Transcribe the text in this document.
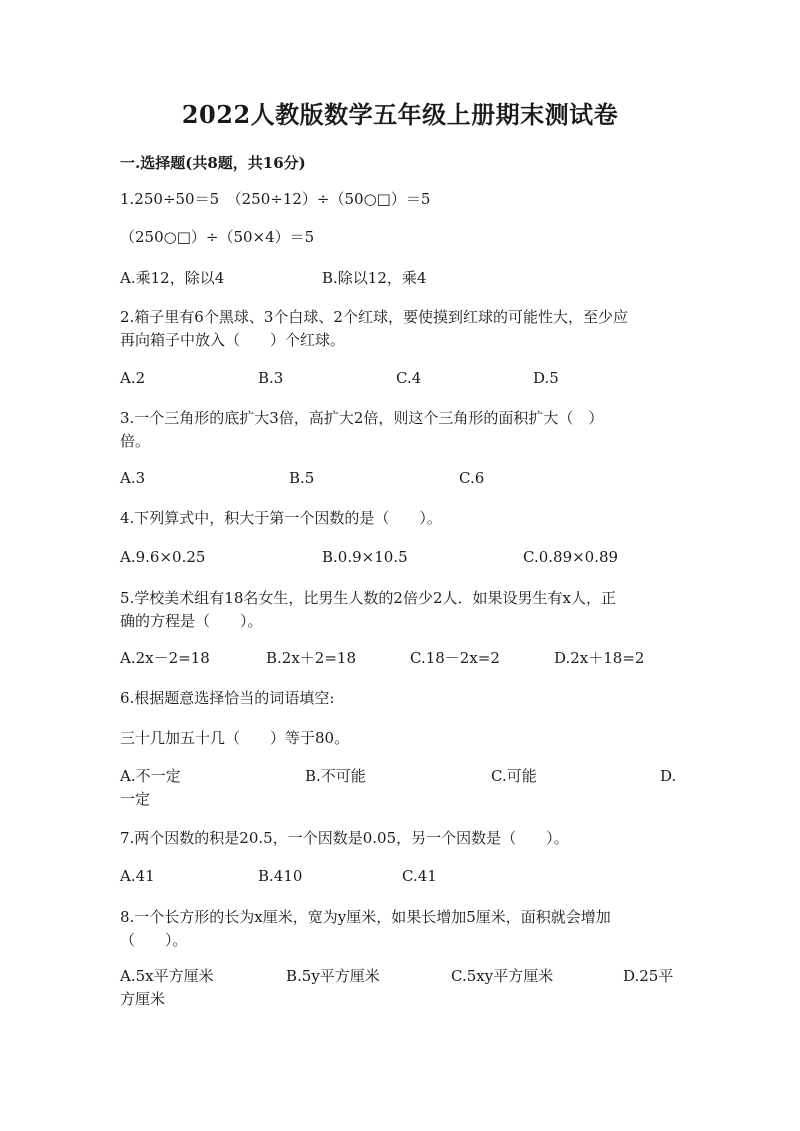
2022人教版数学五年级上册期末测试卷
一.选择题(共8题，共16分)
1.250÷50＝5　（250÷12）÷（50○□）＝5
（250○□）÷（50×4）＝5
A.乘12，除以4	B.除以12，乘4
2.箱子里有6个黑球、3个白球、2个红球，要使摸到红球的可能性大，至少应
再向箱子中放入（　　）个红球。
A.2	B.3	C.4	D.5
3.一个三角形的底扩大3倍，高扩大2倍，则这个三角形的面积扩大（　）
倍。
A.3	B.5	C.6
4.下列算式中，积大于第一个因数的是（　　）。
A.9.6×0.25	B.0.9×10.5	C.0.89×0.89
5.学校美术组有18名女生，比男生人数的2倍少2人．如果设男生有x人，正
确的方程是（　　）。
A.2x－2=18	B.2x＋2=18	C.18－2x=2	D.2x＋18=2
6.根据题意选择恰当的词语填空:
三十几加五十几（　　）等于80。
A.不一定	B.不可能	C.可能	D.
一定
7.两个因数的积是20.5，一个因数是0.05，另一个因数是（　　）。
A.41	B.410	C.41
8.一个长方形的长为x厘米，宽为y厘米，如果长增加5厘米，面积就会增加
（　　）。
A.5x平方厘米	B.5y平方厘米	C.5xy平方厘米	D.25平
方厘米
